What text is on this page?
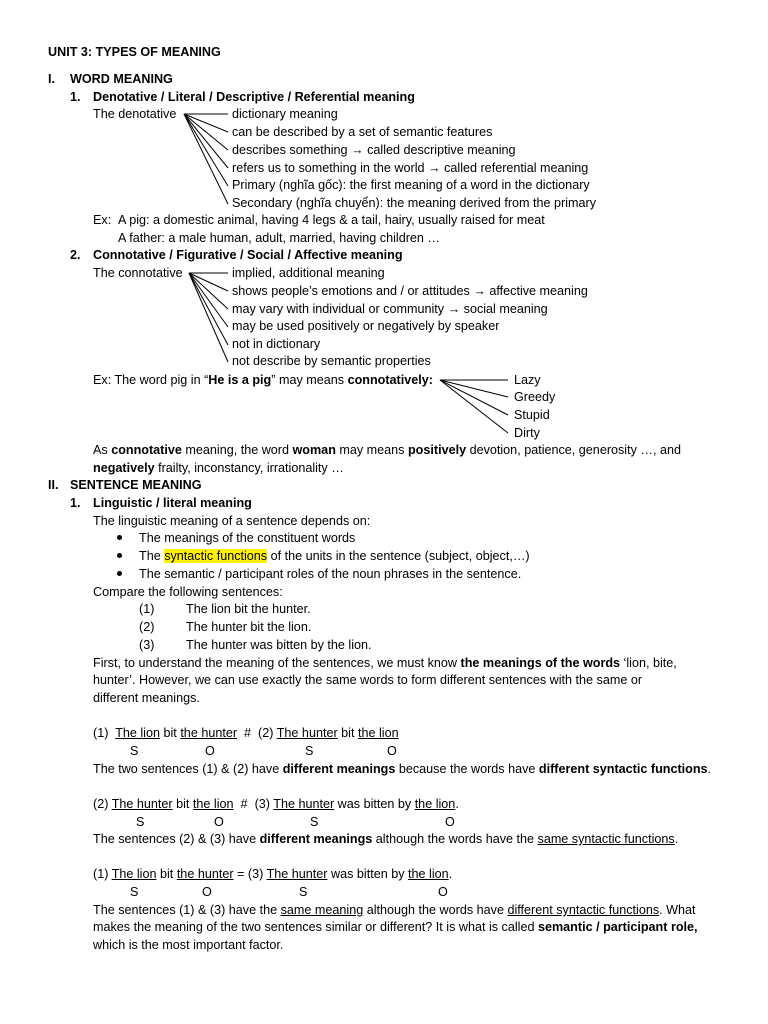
UNIT 3: TYPES OF MEANING
I. WORD MEANING
1. Denotative / Literal / Descriptive / Referential meaning
The denotative	dictionary meaning
can be described by a set of semantic features
describes something → called descriptive meaning
refers us to something in the world → called referential meaning
Primary (nghĩa gốc): the first meaning of a word in the dictionary
Secondary (nghĩa chuyển): the meaning derived from the primary
Ex: A pig: a domestic animal, having 4 legs & a tail, hairy, usually raised for meat
A father: a male human, adult, married, having children …
2. Connotative / Figurative / Social / Affective meaning
The connotative	implied, additional meaning
shows people’s emotions and / or attitudes → affective meaning
may vary with individual or community → social meaning
may be used positively or negatively by speaker
not in dictionary
not describe by semantic properties
Ex: The word pig in “He is a pig” may means connotatively:	Lazy
Greedy
Stupid
Dirty
As connotative meaning, the word woman may means positively devotion, patience, generosity …, and
negatively frailty, inconstancy, irrationality …
II. SENTENCE MEANING
1. Linguistic / literal meaning
The linguistic meaning of a sentence depends on:
The meanings of the constituent words
The syntactic functions of the units in the sentence (subject, object,…)
The semantic / participant roles of the noun phrases in the sentence.
Compare the following sentences:
(1)	The lion bit the hunter.
(2)	The hunter bit the lion.
(3)	The hunter was bitten by the lion.
First, to understand the meaning of the sentences, we must know the meanings of the words ‘lion, bite,
hunter’. However, we can use exactly the same words to form different sentences with the same or
different meanings.
(1) The lion bit the hunter # (2) The hunter bit the lion
S	O	S	O
The two sentences (1) & (2) have different meanings because the words have different syntactic functions.
(2) The hunter bit the lion # (3) The hunter was bitten by the lion.
S	O	S	O
The sentences (2) & (3) have different meanings although the words have the same syntactic functions.
(1) The lion bit the hunter = (3) The hunter was bitten by the lion.
S	O	S	O
The sentences (1) & (3) have the same meaning although the words have different syntactic functions. What
makes the meaning of the two sentences similar or different? It is what is called semantic / participant role,
which is the most important factor.
